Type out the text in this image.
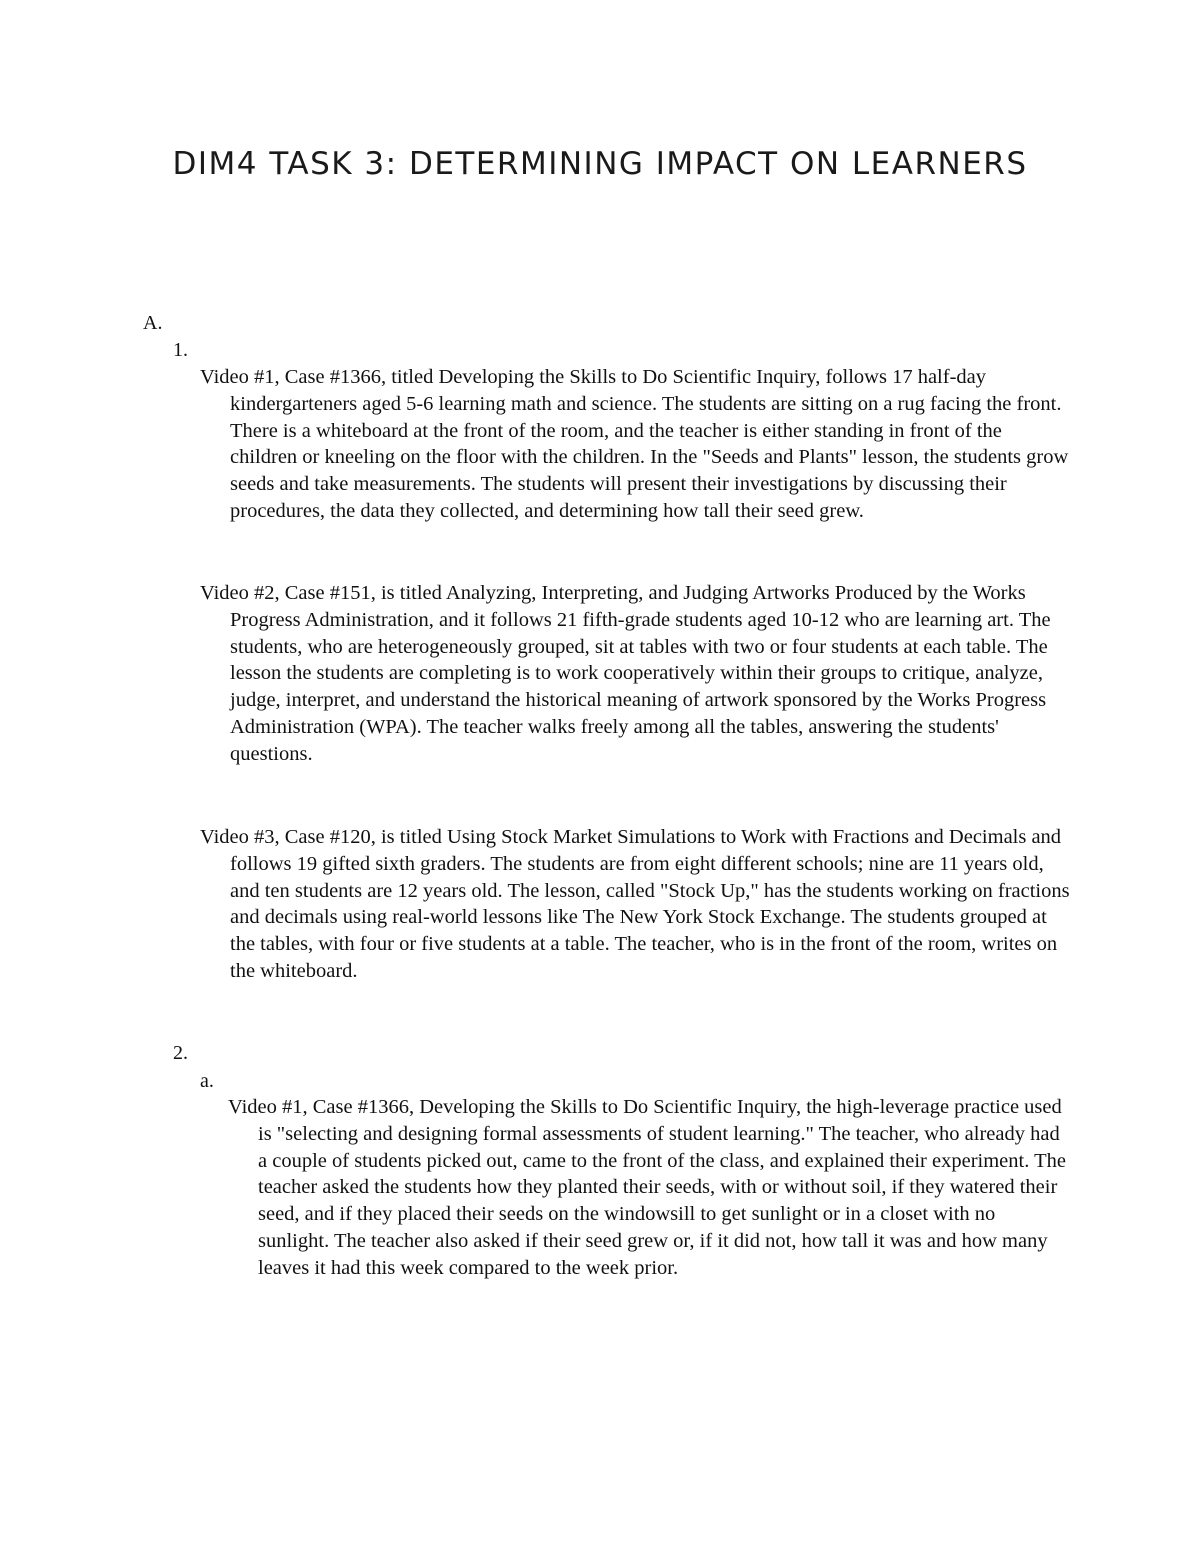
DIM4 TASK 3: DETERMINING IMPACT ON LEARNERS
A.
1.

Video #1, Case #1366, titled Developing the Skills to Do Scientific Inquiry, follows 17 half-day kindergarteners aged 5-6 learning math and science. The students are sitting on a rug facing the front. There is a whiteboard at the front of the room, and the teacher is either standing in front of the children or kneeling on the floor with the children. In the "Seeds and Plants" lesson, the students grow seeds and take measurements. The students will present their investigations by discussing their procedures, the data they collected, and determining how tall their seed grew.

Video #2, Case #151, is titled Analyzing, Interpreting, and Judging Artworks Produced by the Works Progress Administration, and it follows 21 fifth-grade students aged 10-12 who are learning art. The students, who are heterogeneously grouped, sit at tables with two or four students at each table. The lesson the students are completing is to work cooperatively within their groups to critique, analyze, judge, interpret, and understand the historical meaning of artwork sponsored by the Works Progress Administration (WPA). The teacher walks freely among all the tables, answering the students' questions.

Video #3, Case #120, is titled Using Stock Market Simulations to Work with Fractions and Decimals and follows 19 gifted sixth graders. The students are from eight different schools; nine are 11 years old, and ten students are 12 years old. The lesson, called "Stock Up," has the students working on fractions and decimals using real-world lessons like The New York Stock Exchange. The students grouped at the tables, with four or five students at a table. The teacher, who is in the front of the room, writes on the whiteboard.

2.
a.

Video #1, Case #1366, Developing the Skills to Do Scientific Inquiry, the high-leverage practice used is "selecting and designing formal assessments of student learning." The teacher, who already had a couple of students picked out, came to the front of the class, and explained their experiment. The teacher asked the students how they planted their seeds, with or without soil, if they watered their seed, and if they placed their seeds on the windowsill to get sunlight or in a closet with no sunlight. The teacher also asked if their seed grew or, if it did not, how tall it was and how many leaves it had this week compared to the week prior.
